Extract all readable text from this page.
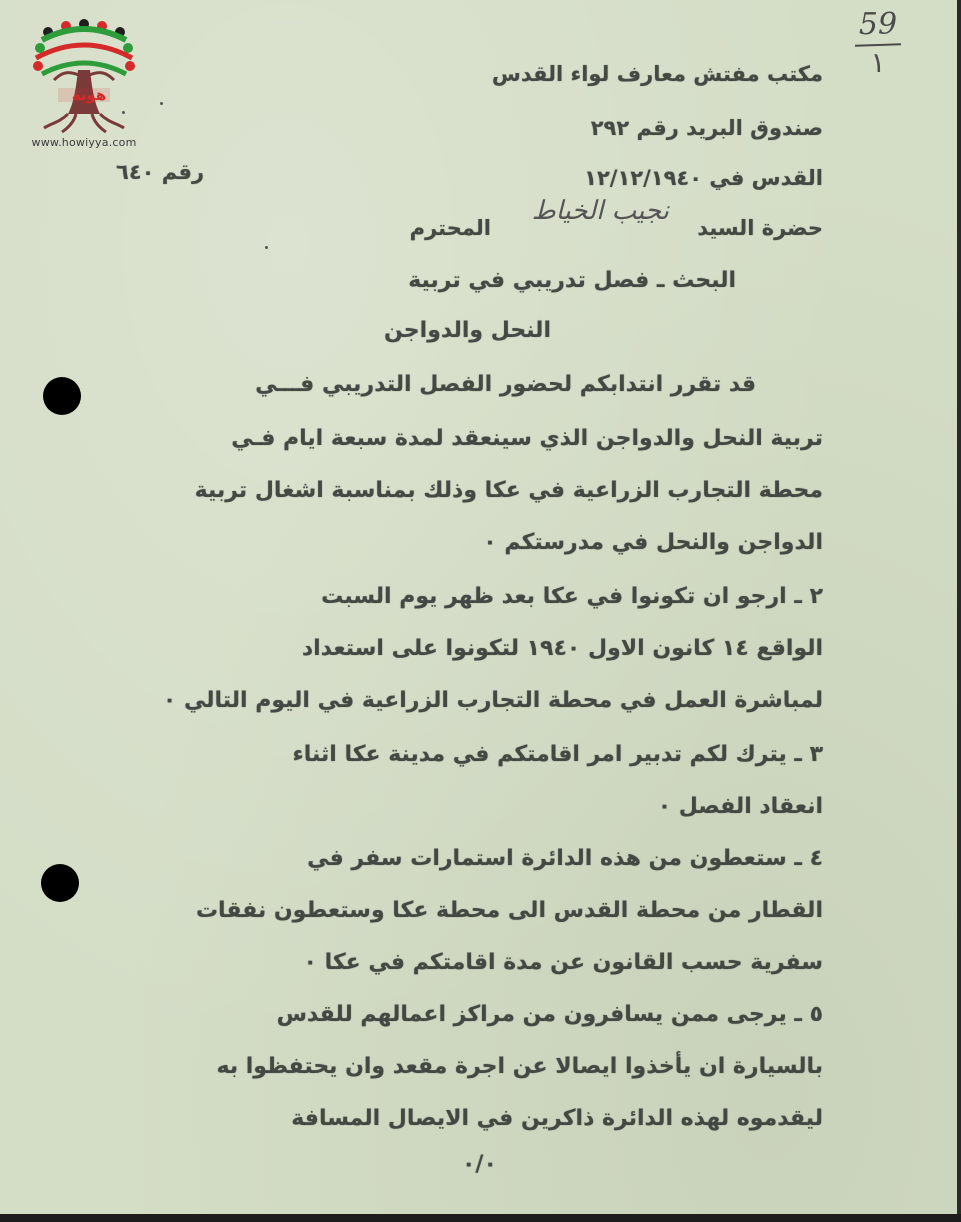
هوية
www.howiyya.com
59
١
مكتب مفتش معارف لواء القدس
صندوق البريد رقم ٢٩٢
القدس في ١٢/١٢/١٩٤٠
رقم ٦٤٠
حضرة السيد
نجيب الخياط
المحترم
البحث ـ فصل تدريبي في تربية
النحل والدواجن
قد تقرر انتدابكم لحضور الفصل التدريبي فـــي
تربية النحل والدواجن الذي سينعقد لمدة سبعة ايام فـي
محطة التجارب الزراعية في عكا وذلك بمناسبة اشغال تربية
الدواجن والنحل في مدرستكم ٠
٢ ـ ارجو ان تكونوا في عكا بعد ظهر يوم السبت
الواقع ١٤ كانون الاول ١٩٤٠ لتكونوا على استعداد
لمباشرة العمل في محطة التجارب الزراعية في اليوم التالي ٠
٣ ـ يترك لكم تدبير امر اقامتكم في مدينة عكا اثناء
انعقاد الفصل ٠
٤ ـ ستعطون من هذه الدائرة استمارات سفر في
القطار من محطة القدس الى محطة عكا وستعطون نفقات
سفرية حسب القانون عن مدة اقامتكم في عكا ٠
٥ ـ يرجى ممن يسافرون من مراكز اعمالهم للقدس
بالسيارة ان يأخذوا ايصالا عن اجرة مقعد وان يحتفظوا به
ليقدموه لهذه الدائرة ذاكرين في الايصال المسافة
٠/٠
